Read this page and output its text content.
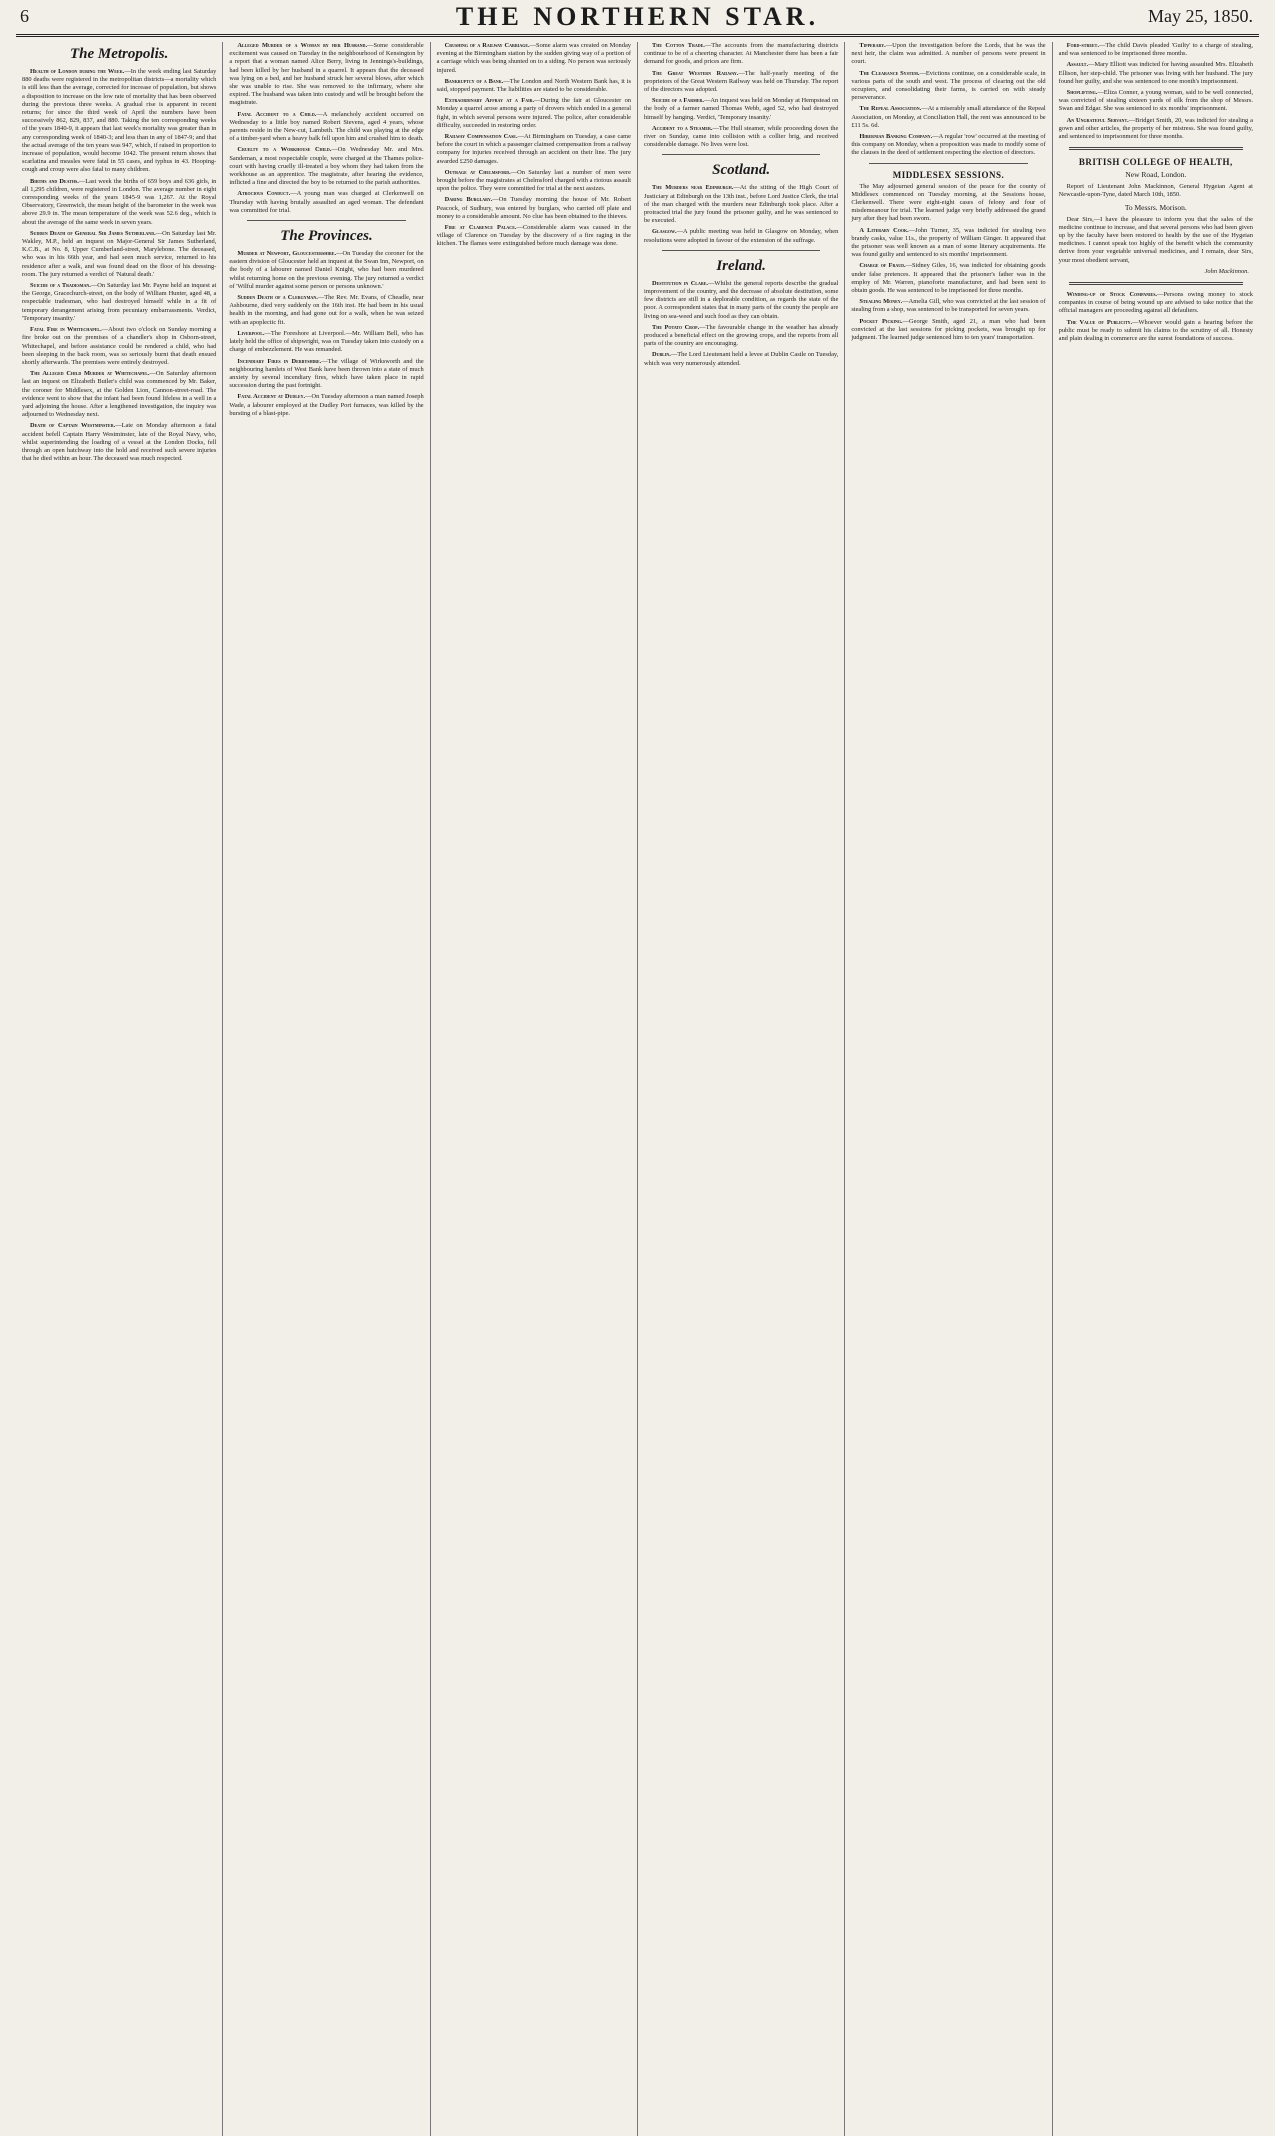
6	THE NORTHERN STAR.	May 25, 1850.
The Metropolis.

Health of London during the Week.—In the week ending last Saturday 880 deaths were registered in the metropolitan districts—a mortality which is still less than the average, corrected for increase of population, but shows a disposition to increase on the low rate of mortality that has been observed during the previous three weeks. A gradual rise is apparent in recent returns; for since the third week of April the numbers have been successively 862, 829, 837, and 880. Taking the ten corresponding weeks of the years 1840-9, it appears that last week's mortality was greater than in any corresponding week of 1840-3; and less than in any of 1847-9; and that the actual average of the ten years was 947, which, if raised in proportion to increase of population, would become 1042. The present return shows that scarlatina and measles were fatal in 55 cases, and typhus in 43. Hooping-cough and croup were also fatal to many children.

Births and Deaths.—Last week the births of 659 boys and 636 girls, in all 1,295 children, were registered in London. The average number in eight corresponding weeks of the years 1845-9 was 1,267. At the Royal Observatory, Greenwich, the mean height of the barometer in the week was above 29.9 in. The mean temperature of the week was 52.6 deg., which is about the average of the same week in seven years.

Sudden Death of General Sir James Sutherland.—On Saturday last Mr. Wakley, M.P., held an inquest on Major-General Sir James Sutherland, K.C.B., at No. 8, Upper Cumberland-street, Marylebone. The deceased, who was in his 66th year, and had seen much service, returned to his residence after a walk, and was found dead on the floor of his dressing-room. The jury returned a verdict of 'Natural death.'

Suicide of a Tradesman.—On Saturday last Mr. Payne held an inquest at the George, Gracechurch-street, on the body of William Hunter, aged 48, a respectable tradesman, who had destroyed himself while in a fit of temporary derangement arising from pecuniary embarrassments. Verdict, 'Temporary insanity.'

Fatal Fire in Whitechapel.—About two o'clock on Sunday morning a fire broke out on the premises of a chandler's shop in Osborn-street, Whitechapel, and before assistance could be rendered a child, who had been sleeping in the back room, was so seriously burnt that death ensued shortly afterwards. The premises were entirely destroyed.

The Alleged Child Murder at Whitechapel.—On Saturday afternoon last an inquest on Elizabeth Butler's child was commenced by Mr. Baker, the coroner for Middlesex, at the Golden Lion, Cannon-street-road. The evidence went to show that the infant had been found lifeless in a well in a yard adjoining the house. After a lengthened investigation, the inquiry was adjourned to Wednesday next.

Death of Captain Westminster.—Late on Monday afternoon a fatal accident befell Captain Harry Westminster, late of the Royal Navy, who, whilst superintending the loading of a vessel at the London Docks, fell through an open hatchway into the hold and received such severe injuries that he died within an hour. The deceased was much respected.

Alleged Murder of a Woman by her Husband.—Some considerable excitement was caused on Tuesday in the neighbourhood of Kensington by a report that a woman named Alice Berry, living in Jennings's-buildings, had been killed by her husband in a quarrel. It appears that the deceased was lying on a bed, and her husband struck her several blows, after which she was unable to rise. She was removed to the infirmary, where she expired. The husband was taken into custody and will be brought before the magistrate.

Fatal Accident to a Child.—A melancholy accident occurred on Wednesday to a little boy named Robert Stevens, aged 4 years, whose parents reside in the New-cut, Lambeth. The child was playing at the edge of a timber-yard when a heavy balk fell upon him and crushed him to death.

Cruelty to a Workhouse Child.—On Wednesday Mr. and Mrs. Sandeman, a most respectable couple, were charged at the Thames police-court with having cruelly ill-treated a boy whom they had taken from the workhouse as an apprentice. The magistrate, after hearing the evidence, inflicted a fine and directed the boy to be returned to the parish authorities.

Atrocious Conduct.—A young man was charged at Clerkenwell on Thursday with having brutally assaulted an aged woman. The defendant was committed for trial.

The Provinces.

Murder at Newport, Gloucestershire.—On Tuesday the coroner for the eastern division of Gloucester held an inquest at the Swan Inn, Newport, on the body of a labourer named Daniel Knight, who had been murdered whilst returning home on the previous evening. The jury returned a verdict of 'Wilful murder against some person or persons unknown.'

Sudden Death of a Clergyman.—The Rev. Mr. Evans, of Cheadle, near Ashbourne, died very suddenly on the 16th inst. He had been in his usual health in the morning, and had gone out for a walk, when he was seized with an apoplectic fit.

Liverpool.—The Foreshore at Liverpool.—Mr. William Bell, who has lately held the office of shipwright, was on Tuesday taken into custody on a charge of embezzlement. He was remanded.

Incendiary Fires in Derbyshire.—The village of Wirksworth and the neighbouring hamlets of West Bank have been thrown into a state of much anxiety by several incendiary fires, which have taken place in rapid succession during the past fortnight.

Fatal Accident at Dudley.—On Tuesday afternoon a man named Joseph Wade, a labourer employed at the Dudley Port furnaces, was killed by the bursting of a blast-pipe.

Crushing of a Railway Carriage.—Some alarm was created on Monday evening at the Birmingham station by the sudden giving way of a portion of a carriage which was being shunted on to a siding. No person was seriously injured.

Bankruptcy of a Bank.—The London and North Western Bank has, it is said, stopped payment. The liabilities are stated to be considerable.

Extraordinary Affray at a Fair.—During the fair at Gloucester on Monday a quarrel arose among a party of drovers which ended in a general fight, in which several persons were injured. The police, after considerable difficulty, succeeded in restoring order.

Railway Compensation Case.—At Birmingham on Tuesday, a case came before the court in which a passenger claimed compensation from a railway company for injuries received through an accident on their line. The jury awarded £250 damages.

Outrage at Chelmsford.—On Saturday last a number of men were brought before the magistrates at Chelmsford charged with a riotous assault upon the police. They were committed for trial at the next assizes.

Daring Burglary.—On Tuesday morning the house of Mr. Robert Peacock, of Sudbury, was entered by burglars, who carried off plate and money to a considerable amount. No clue has been obtained to the thieves.

Fire at Clarence Palace.—Considerable alarm was caused in the village of Clarence on Tuesday by the discovery of a fire raging in the kitchen. The flames were extinguished before much damage was done.

The Cotton Trade.—The accounts from the manufacturing districts continue to be of a cheering character. At Manchester there has been a fair demand for goods, and prices are firm.

The Great Western Railway.—The half-yearly meeting of the proprietors of the Great Western Railway was held on Thursday. The report of the directors was adopted.

Suicide of a Farmer.—An inquest was held on Monday at Hempstead on the body of a farmer named Thomas Webb, aged 52, who had destroyed himself by hanging. Verdict, 'Temporary insanity.'

Accident to a Steamer.—The Hull steamer, while proceeding down the river on Sunday, came into collision with a collier brig, and received considerable damage. No lives were lost.

Scotland.

The Murders near Edinburgh.—At the sitting of the High Court of Justiciary at Edinburgh on the 13th inst., before Lord Justice Clerk, the trial of the man charged with the murders near Edinburgh took place. After a protracted trial the jury found the prisoner guilty, and he was sentenced to be executed.

Glasgow.—A public meeting was held in Glasgow on Monday, when resolutions were adopted in favour of the extension of the suffrage.

Ireland.

Destitution in Clare.—Whilst the general reports describe the gradual improvement of the country, and the decrease of absolute destitution, some few districts are still in a deplorable condition, as regards the state of the poor. A correspondent states that in many parts of the county the people are living on sea-weed and such food as they can obtain.

The Potato Crop.—The favourable change in the weather has already produced a beneficial effect on the growing crops, and the reports from all parts of the country are encouraging.

Dublin.—The Lord Lieutenant held a levee at Dublin Castle on Tuesday, which was very numerously attended.

Tipperary.—Upon the investigation before the Lords, that he was the next heir, the claim was admitted. A number of persons were present in court.

The Clearance System.—Evictions continue, on a considerable scale, in various parts of the south and west. The process of clearing out the old occupiers, and consolidating their farms, is carried on with steady perseverance.

The Repeal Association.—At a miserably small attendance of the Repeal Association, on Monday, at Conciliation Hall, the rent was announced to be £11 5s. 6d.

Hibernian Banking Company.—A regular 'row' occurred at the meeting of this company on Monday, when a proposition was made to modify some of the clauses in the deed of settlement respecting the election of directors.

MIDDLESEX SESSIONS.

The May adjourned general session of the peace for the county of Middlesex commenced on Tuesday morning, at the Sessions house, Clerkenwell. There were eight-eight cases of felony and four of misdemeanour for trial. The learned judge very briefly addressed the grand jury after they had been sworn.

A Literary Cook.—John Turner, 35, was indicted for stealing two brandy casks, value 11s., the property of William Ginger. It appeared that the prisoner was well known as a man of some literary acquirements. He was found guilty and sentenced to six months' imprisonment.

Charge of Fraud.—Sidney Giles, 16, was indicted for obtaining goods under false pretences. It appeared that the prisoner's father was in the employ of Mr. Warren, pianoforte manufacturer, and had been sent to obtain goods. He was sentenced to be imprisoned for three months.

Stealing Money.—Amelia Gill, who was convicted at the last session of stealing from a shop, was sentenced to be transported for seven years.

Pocket Picking.—George Smith, aged 21, a man who had been convicted at the last sessions for picking pockets, was brought up for judgment. The learned judge sentenced him to ten years' transportation.

Ford-street.—The child Davis pleaded 'Guilty' to a charge of stealing, and was sentenced to be imprisoned three months.

Assault.—Mary Elliott was indicted for having assaulted Mrs. Elizabeth Ellison, her step-child. The prisoner was living with her husband. The jury found her guilty, and she was sentenced to one month's imprisonment.

Shoplifting.—Eliza Conner, a young woman, said to be well connected, was convicted of stealing sixteen yards of silk from the shop of Messrs. Swan and Edgar. She was sentenced to six months' imprisonment.

An Ungrateful Servant.—Bridget Smith, 20, was indicted for stealing a gown and other articles, the property of her mistress. She was found guilty, and sentenced to imprisonment for three months.

BRITISH COLLEGE OF HEALTH,
New Road, London.
Report of Lieutenant John Mackinnon, General Hygeian Agent at Newcastle-upon-Tyne, dated March 10th, 1850.
To Messrs. Morison.
Dear Sirs,—I have the pleasure to inform you that the sales of the medicine continue to increase, and that several persons who had been given up by the faculty have been restored to health by the use of the Hygeian medicines. I cannot speak too highly of the benefit which the community derive from your vegetable universal medicines, and I remain, dear Sirs, your most obedient servant,
John Mackinnon.

Winding-up of Stock Companies.—Persons owing money to stock companies in course of being wound up are advised to take notice that the official managers are proceeding against all defaulters.

The Value of Publicity.—Whoever would gain a hearing before the public must be ready to submit his claims to the scrutiny of all. Honesty and plain dealing in commerce are the surest foundations of success.
